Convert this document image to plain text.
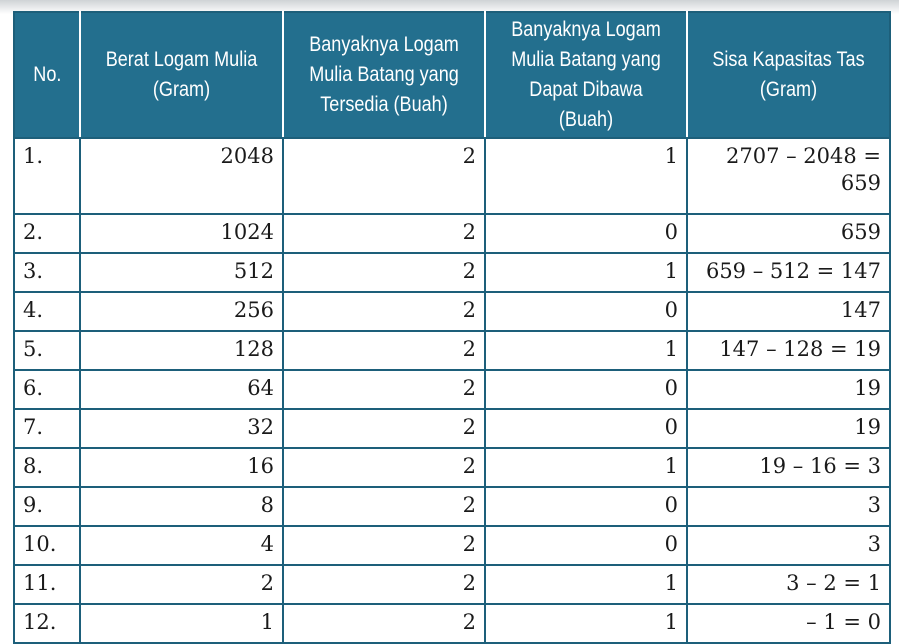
No.	Berat Logam Mulia (Gram)	Banyaknya Logam Mulia Batang yang Tersedia (Buah)	Banyaknya Logam Mulia Batang yang Dapat Dibawa (Buah)	Sisa Kapasitas Tas (Gram)
1.	2048	2	1	2707 – 2048 = 659
2.	1024	2	0	659
3.	512	2	1	659 – 512 = 147
4.	256	2	0	147
5.	128	2	1	147 – 128 = 19
6.	64	2	0	19
7.	32	2	0	19
8.	16	2	1	19 – 16 = 3
9.	8	2	0	3
10.	4	2	0	3
11.	2	2	1	3 – 2 = 1
12.	1	2	1	– 1 = 0
